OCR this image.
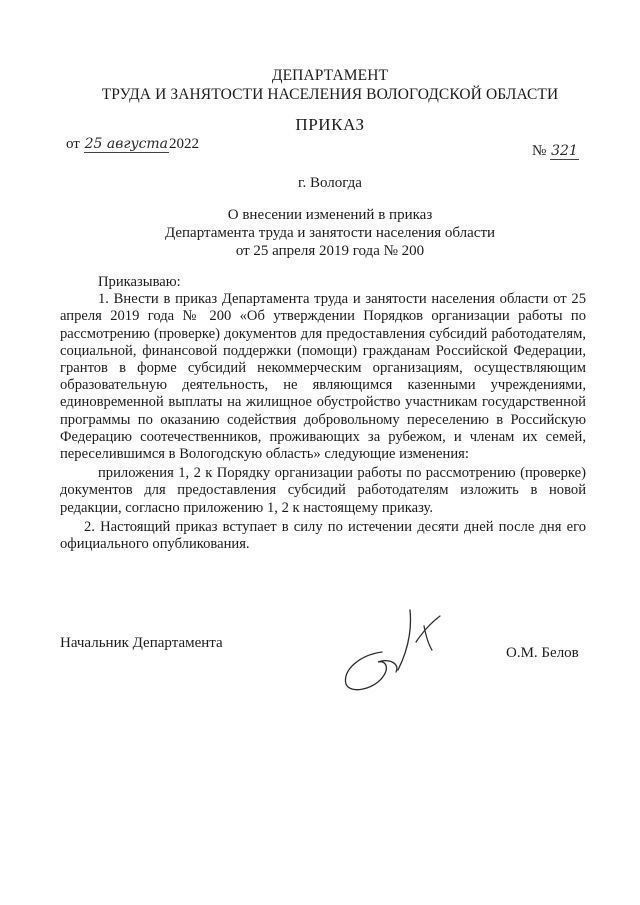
ДЕПАРТАМЕНТ
ТРУДА И ЗАНЯТОСТИ НАСЕЛЕНИЯ ВОЛОГОДСКОЙ ОБЛАСТИ
ПРИКАЗ
от 25 августа2022	№ 321
г. Вологда
О внесении изменений в приказ
Департамента труда и занятости населения области
от 25 апреля 2019 года № 200

Приказываю:

1. Внести в приказ Департамента труда и занятости населения области от 25 апреля 2019 года № 200 «Об утверждении Порядков организации работы по рассмотрению (проверке) документов для предоставления субсидий работодателям, социальной, финансовой поддержки (помощи) гражданам Российской Федерации, грантов в форме субсидий некоммерческим организациям, осуществляющим образовательную деятельность, не являющимся казенными учреждениями, единовременной выплаты на жилищное обустройство участникам государственной программы по оказанию содействия добровольному переселению в Российскую Федерацию соотечественников, проживающих за рубежом, и членам их семей, переселившимся в Вологодскую область» следующие изменения:

приложения 1, 2 к Порядку организации работы по рассмотрению (проверке) документов для предоставления субсидий работодателям изложить в новой редакции, согласно приложению 1, 2 к настоящему приказу.

2. Настоящий приказ вступает в силу по истечении десяти дней после дня его официального опубликования.

Начальник Департамента
О.М. Белов
